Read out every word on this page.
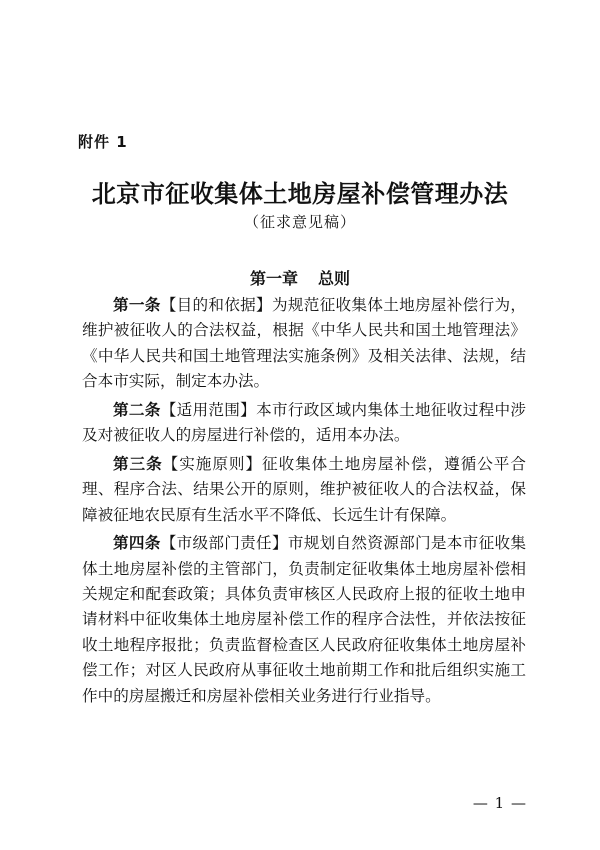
附件 1
北京市征收集体土地房屋补偿管理办法
（征求意见稿）
第一章 总则

第一条【目的和依据】为规范征收集体土地房屋补偿行为，维护被征收人的合法权益，根据《中华人民共和国土地管理法》《中华人民共和国土地管理法实施条例》及相关法律、法规，结合本市实际，制定本办法。

第二条【适用范围】本市行政区域内集体土地征收过程中涉及对被征收人的房屋进行补偿的，适用本办法。

第三条【实施原则】征收集体土地房屋补偿，遵循公平合理、程序合法、结果公开的原则，维护被征收人的合法权益，保障被征地农民原有生活水平不降低、长远生计有保障。

第四条【市级部门责任】市规划自然资源部门是本市征收集体土地房屋补偿的主管部门，负责制定征收集体土地房屋补偿相关规定和配套政策；具体负责审核区人民政府上报的征收土地申请材料中征收集体土地房屋补偿工作的程序合法性，并依法按征收土地程序报批；负责监督检查区人民政府征收集体土地房屋补偿工作；对区人民政府从事征收土地前期工作和批后组织实施工作中的房屋搬迁和房屋补偿相关业务进行行业指导。

— 1 —
